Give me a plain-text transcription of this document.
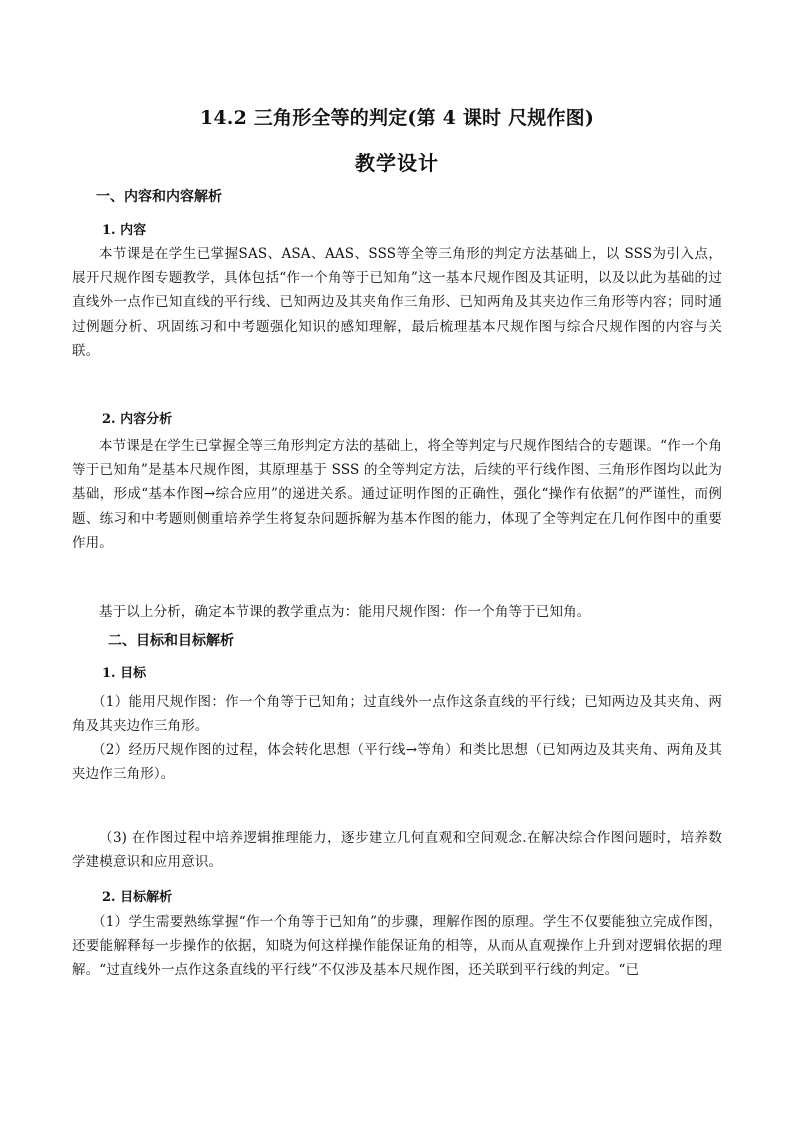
14.2 三角形全等的判定(第 4 课时 尺规作图)
教学设计
一、内容和内容解析
1. 内容
本节课是在学生已掌握SAS、ASA、AAS、SSS等全等三角形的判定方法基础上，以 SSS为引入点，展开尺规作图专题教学，具体包括“作一个角等于已知角”这一基本尺规作图及其证明，以及以此为基础的过直线外一点作已知直线的平行线、已知两边及其夹角作三角形、已知两角及其夹边作三角形等内容；同时通过例题分析、巩固练习和中考题强化知识的感知理解，最后梳理基本尺规作图与综合尺规作图的内容与关联。
2. 内容分析
本节课是在学生已掌握全等三角形判定方法的基础上，将全等判定与尺规作图结合的专题课。“作一个角等于已知角”是基本尺规作图，其原理基于 SSS 的全等判定方法，后续的平行线作图、三角形作图均以此为基础，形成“基本作图→综合应用”的递进关系。通过证明作图的正确性，强化“操作有依据”的严谨性，而例题、练习和中考题则侧重培养学生将复杂问题拆解为基本作图的能力，体现了全等判定在几何作图中的重要作用。
基于以上分析，确定本节课的教学重点为：能用尺规作图：作一个角等于已知角。
二、目标和目标解析
1. 目标
（1）能用尺规作图：作一个角等于已知角；过直线外一点作这条直线的平行线；已知两边及其夹角、两角及其夹边作三角形。
（2）经历尺规作图的过程，体会转化思想（平行线→等角）和类比思想（已知两边及其夹角、两角及其夹边作三角形）。
（3) 在作图过程中培养逻辑推理能力，逐步建立几何直观和空间观念.在解决综合作图问题时，培养数学建模意识和应用意识。
2. 目标解析
（1）学生需要熟练掌握“作一个角等于已知角”的步骤，理解作图的原理。学生不仅要能独立完成作图，还要能解释每一步操作的依据，知晓为何这样操作能保证角的相等，从而从直观操作上升到对逻辑依据的理解。“过直线外一点作这条直线的平行线”不仅涉及基本尺规作图，还关联到平行线的判定。“已
